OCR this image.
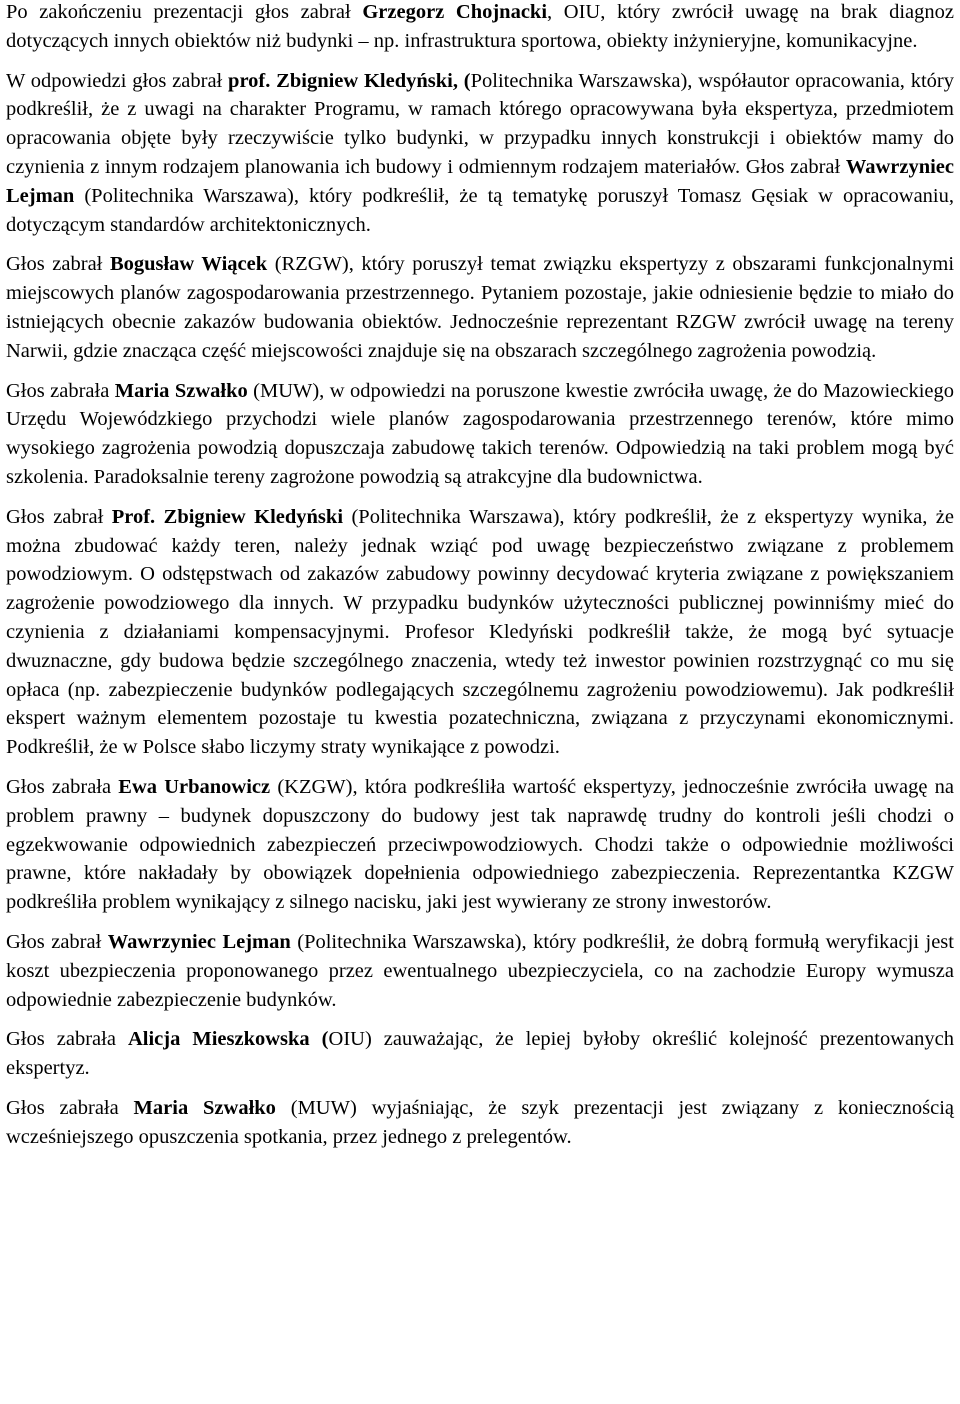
Po zakończeniu prezentacji głos zabrał Grzegorz Chojnacki, OIU, który zwrócił uwagę na brak diagnoz dotyczących innych obiektów niż budynki – np. infrastruktura sportowa, obiekty inżynieryjne, komunikacyjne.

W odpowiedzi głos zabrał prof. Zbigniew Kledyński, (Politechnika Warszawska), współautor opracowania, który podkreślił, że z uwagi na charakter Programu, w ramach którego opracowywana była ekspertyza, przedmiotem opracowania objęte były rzeczywiście tylko budynki, w przypadku innych konstrukcji i obiektów mamy do czynienia z innym rodzajem planowania ich budowy i odmiennym rodzajem materiałów. Głos zabrał Wawrzyniec Lejman (Politechnika Warszawa), który podkreślił, że tą tematykę poruszył Tomasz Gęsiak w opracowaniu, dotyczącym standardów architektonicznych.

Głos zabrał Bogusław Wiącek (RZGW), który poruszył temat związku ekspertyzy z obszarami funkcjonalnymi miejscowych planów zagospodarowania przestrzennego. Pytaniem pozostaje, jakie odniesienie będzie to miało do istniejących obecnie zakazów budowania obiektów. Jednocześnie reprezentant RZGW zwrócił uwagę na tereny Narwii, gdzie znacząca część miejscowości znajduje się na obszarach szczególnego zagrożenia powodzią.

Głos zabrała Maria Szwałko (MUW), w odpowiedzi na poruszone kwestie zwróciła uwagę, że do Mazowieckiego Urzędu Wojewódzkiego przychodzi wiele planów zagospodarowania przestrzennego terenów, które mimo wysokiego zagrożenia powodzią dopuszczaja zabudowę takich terenów. Odpowiedzią na taki problem mogą być szkolenia. Paradoksalnie tereny zagrożone powodzią są atrakcyjne dla budownictwa.

Głos zabrał Prof. Zbigniew Kledyński (Politechnika Warszawa), który podkreślił, że z ekspertyzy wynika, że można zbudować każdy teren, należy jednak wziąć pod uwagę bezpieczeństwo związane z problemem powodziowym. O odstępstwach od zakazów zabudowy powinny decydować kryteria związane z powiększaniem zagrożenie powodziowego dla innych. W przypadku budynków użyteczności publicznej powinniśmy mieć do czynienia z działaniami kompensacyjnymi. Profesor Kledyński podkreślił także, że mogą być sytuacje dwuznaczne, gdy budowa będzie szczególnego znaczenia, wtedy też inwestor powinien rozstrzygnąć co mu się opłaca (np. zabezpieczenie budynków podlegających szczególnemu zagrożeniu powodziowemu). Jak podkreślił ekspert ważnym elementem pozostaje tu kwestia pozatechniczna, związana z przyczynami ekonomicznymi. Podkreślił, że w Polsce słabo liczymy straty wynikające z powodzi.

Głos zabrała Ewa Urbanowicz (KZGW), która podkreśliła wartość ekspertyzy, jednocześnie zwróciła uwagę na problem prawny – budynek dopuszczony do budowy jest tak naprawdę trudny do kontroli jeśli chodzi o egzekwowanie odpowiednich zabezpieczeń przeciwpowodziowych. Chodzi także o odpowiednie możliwości prawne, które nakładały by obowiązek dopełnienia odpowiedniego zabezpieczenia. Reprezentantka KZGW podkreśliła problem wynikający z silnego nacisku, jaki jest wywierany ze strony inwestorów.

Głos zabrał Wawrzyniec Lejman (Politechnika Warszawska), który podkreślił, że dobrą formułą weryfikacji jest koszt ubezpieczenia proponowanego przez ewentualnego ubezpieczyciela, co na zachodzie Europy wymusza odpowiednie zabezpieczenie budynków.

Głos zabrała Alicja Mieszkowska (OIU) zauważając, że lepiej byłoby określić kolejność prezentowanych ekspertyz.

Głos zabrała Maria Szwałko (MUW) wyjaśniając, że szyk prezentacji jest związany z koniecznością wcześniejszego opuszczenia spotkania, przez jednego z prelegentów.
